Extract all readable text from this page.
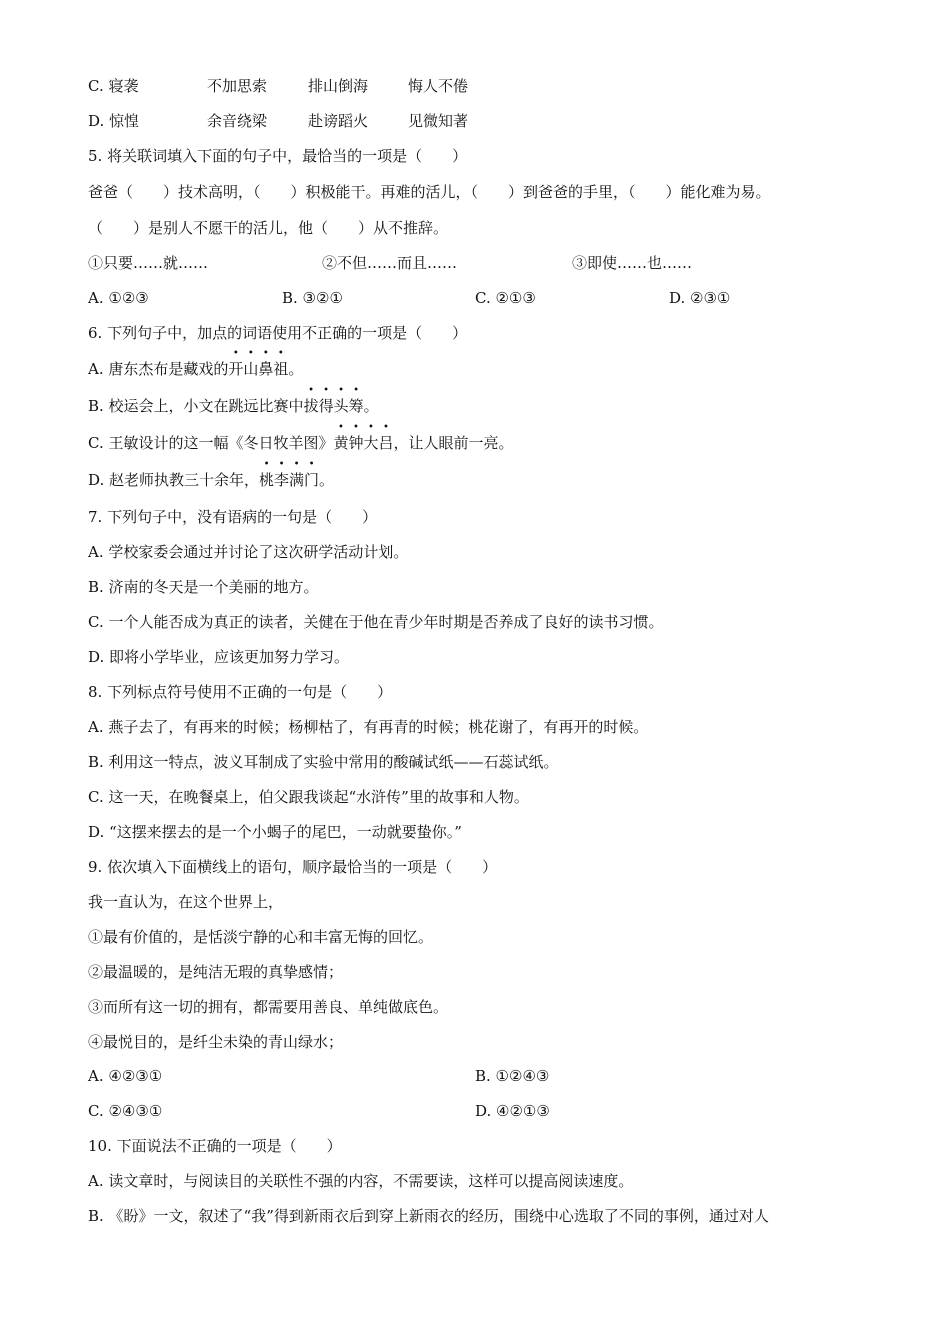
C. 寝袭	不加思索	排山倒海	悔人不倦
D. 惊惶	余音绕梁	赴谤蹈火	见微知著
5. 将关联词填入下面的句子中，最恰当的一项是（　　）
爸爸（　　）技术高明，（　　）积极能干。再难的活儿，（　　）到爸爸的手里，（　　）能化难为易。
（　　）是别人不愿干的活儿，他（　　）从不推辞。
①只要……就……	②不但……而且……	③即使……也……
A. ①②③	B. ③②①	C. ②①③	D. ②③①
6. 下列句子中，加点的词语使用不正确的一项是（　　）
A. 唐东杰布是藏戏的
• • • •
开山鼻祖。
B. 校运会上，小文在跳远比赛中
• • • •
拔得头筹。
C. 王敏设计的这一幅《冬日牧羊图》
• • • •
黄钟大吕，让人眼前一亮。
D. 赵老师执教三十余年，
• • • •
桃李满门。
7. 下列句子中，没有语病的一句是（　　）
A. 学校家委会通过并讨论了这次研学活动计划。
B. 济南的冬天是一个美丽的地方。
C. 一个人能否成为真正的读者，关健在于他在青少年时期是否养成了良好的读书习惯。
D. 即将小学毕业，应该更加努力学习。
8. 下列标点符号使用不正确的一句是（　　）
A. 燕子去了，有再来的时候；杨柳枯了，有再青的时候；桃花谢了，有再开的时候。
B. 利用这一特点，波义耳制成了实验中常用的酸碱试纸——石蕊试纸。
C. 这一天，在晚餐桌上，伯父跟我谈起“水浒传”里的故事和人物。
D. “这摆来摆去的是一个小蝎子的尾巴，一动就要蛰你。”
9. 依次填入下面横线上的语句，顺序最恰当的一项是（　　）
我一直认为，在这个世界上，
①最有价值的，是恬淡宁静的心和丰富无悔的回忆。
②最温暖的，是纯洁无瑕的真挚感情；
③而所有这一切的拥有，都需要用善良、单纯做底色。
④最悦目的，是纤尘未染的青山绿水；
A. ④②③①	B. ①②④③
C. ②④③①	D. ④②①③
10. 下面说法不正确的一项是（　　）
A. 读文章时，与阅读目的关联性不强的内容，不需要读，这样可以提高阅读速度。
B. 《盼》一文，叙述了“我”得到新雨衣后到穿上新雨衣的经历，围绕中心选取了不同的事例，通过对人
